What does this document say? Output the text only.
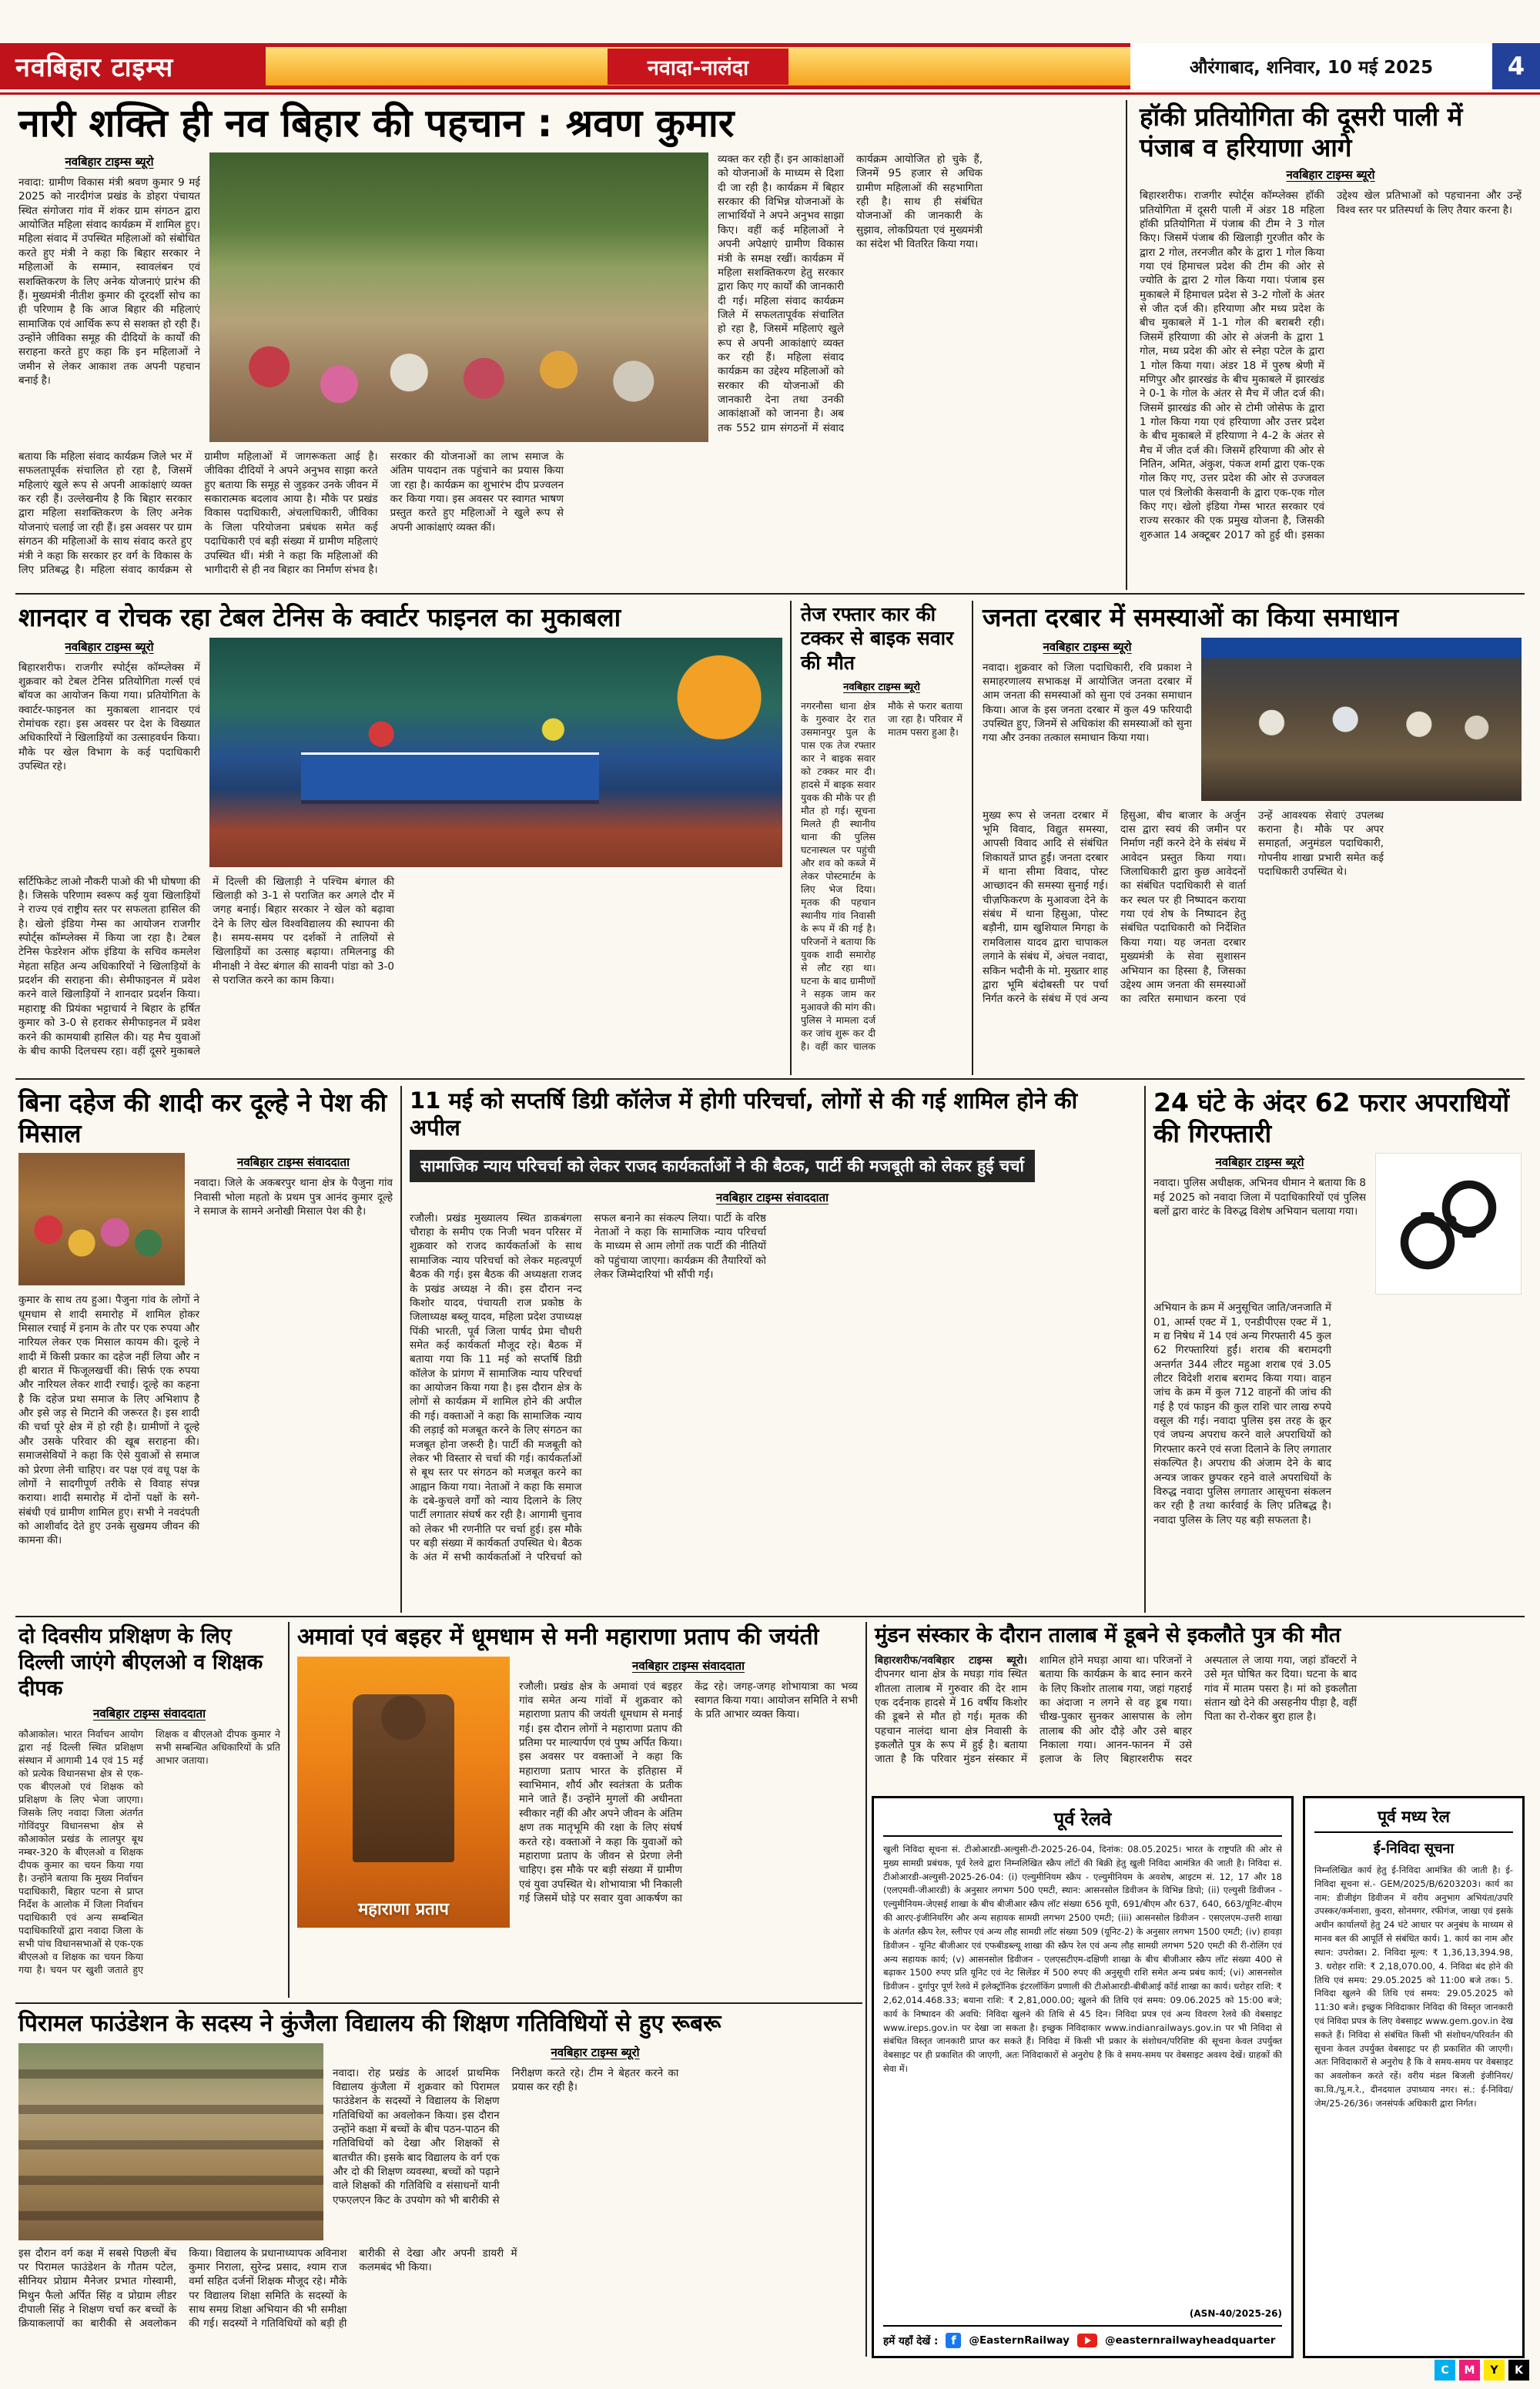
नवबिहार टाइम्स	नवादा-नालंदा	औरंगाबाद, शनिवार, 10 मई 2025	4
नारी शक्ति ही नव बिहार की पहचान : श्रवण कुमार
नवबिहार टाइम्स ब्यूरो
नवादा: ग्रामीण विकास मंत्री श्रवण कुमार 9 मई 2025 को नारदीगंज प्रखंड के डोहरा पंचायत स्थित संगोजरा गांव में शंकर ग्राम संगठन द्वारा आयोजित महिला संवाद कार्यक्रम में शामिल हुए। महिला संवाद में उपस्थित महिलाओं को संबोधित करते हुए मंत्री ने कहा कि बिहार सरकार ने महिलाओं के सम्मान, स्वावलंबन एवं सशक्तिकरण के लिए अनेक योजनाएं प्रारंभ की हैं। मुख्यमंत्री नीतीश कुमार की दूरदर्शी सोच का ही परिणाम है कि आज बिहार की महिलाएं सामाजिक एवं आर्थिक रूप से सशक्त हो रही हैं। उन्होंने जीविका समूह की दीदियों के कार्यों की सराहना करते हुए कहा कि इन महिलाओं ने जमीन से लेकर आकाश तक अपनी पहचान बनाई है।
व्यक्त कर रही हैं। इन आकांक्षाओं को योजनाओं के माध्यम से दिशा दी जा रही है। कार्यक्रम में बिहार सरकार की विभिन्न योजनाओं के लाभार्थियों ने अपने अनुभव साझा किए। वहीं कई महिलाओं ने अपनी अपेक्षाएं ग्रामीण विकास मंत्री के समक्ष रखीं। कार्यक्रम में महिला सशक्तिकरण हेतु सरकार द्वारा किए गए कार्यों की जानकारी दी गई। महिला संवाद कार्यक्रम जिले में सफलतापूर्वक संचालित हो रहा है, जिसमें महिलाएं खुले रूप से अपनी आकांक्षाएं व्यक्त कर रही हैं। महिला संवाद कार्यक्रम का उद्देश्य महिलाओं को सरकार की योजनाओं की जानकारी देना तथा उनकी आकांक्षाओं को जानना है। अब तक 552 ग्राम संगठनों में संवाद कार्यक्रम आयोजित हो चुके हैं, जिनमें 95 हजार से अधिक ग्रामीण महिलाओं की सहभागिता रही है। साथ ही संबंधित योजनाओं की जानकारी के सुझाव, लोकप्रियता एवं मुख्यमंत्री का संदेश भी वितरित किया गया।
बताया कि महिला संवाद कार्यक्रम जिले भर में सफलतापूर्वक संचालित हो रहा है, जिसमें महिलाएं खुले रूप से अपनी आकांक्षाएं व्यक्त कर रही हैं। उल्लेखनीय है कि बिहार सरकार द्वारा महिला सशक्तिकरण के लिए अनेक योजनाएं चलाई जा रही हैं। इस अवसर पर ग्राम संगठन की महिलाओं के साथ संवाद करते हुए मंत्री ने कहा कि सरकार हर वर्ग के विकास के लिए प्रतिबद्ध है। महिला संवाद कार्यक्रम से ग्रामीण महिलाओं में जागरूकता आई है। जीविका दीदियों ने अपने अनुभव साझा करते हुए बताया कि समूह से जुड़कर उनके जीवन में सकारात्मक बदलाव आया है। मौके पर प्रखंड विकास पदाधिकारी, अंचलाधिकारी, जीविका के जिला परियोजना प्रबंधक समेत कई पदाधिकारी एवं बड़ी संख्या में ग्रामीण महिलाएं उपस्थित थीं। मंत्री ने कहा कि महिलाओं की भागीदारी से ही नव बिहार का निर्माण संभव है। सरकार की योजनाओं का लाभ समाज के अंतिम पायदान तक पहुंचाने का प्रयास किया जा रहा है। कार्यक्रम का शुभारंभ दीप प्रज्वलन कर किया गया। इस अवसर पर स्वागत भाषण प्रस्तुत करते हुए महिलाओं ने खुले रूप से अपनी आकांक्षाएं व्यक्त कीं।
हॉकी प्रतियोगिता की दूसरी पाली में पंजाब व हरियाणा आगे
नवबिहार टाइम्स ब्यूरो
बिहारशरीफ। राजगीर स्पोर्ट्स कॉम्प्लेक्स हॉकी प्रतियोगिता में दूसरी पाली में अंडर 18 महिला हॉकी प्रतियोगिता में पंजाब की टीम ने 3 गोल किए। जिसमें पंजाब की खिलाड़ी गुरजीत कौर के द्वारा 2 गोल, तरनजीत कौर के द्वारा 1 गोल किया गया एवं हिमाचल प्रदेश की टीम की ओर से ज्योति के द्वारा 2 गोल किया गया। पंजाब इस मुकाबले में हिमाचल प्रदेश से 3-2 गोलों के अंतर से जीत दर्ज की। हरियाणा और मध्य प्रदेश के बीच मुकाबले में 1-1 गोल की बराबरी रही। जिसमें हरियाणा की ओर से अंजनी के द्वारा 1 गोल, मध्य प्रदेश की ओर से स्नेहा पटेल के द्वारा 1 गोल किया गया। अंडर 18 में पुरुष श्रेणी में मणिपुर और झारखंड के बीच मुकाबले में झारखंड ने 0-1 के गोल के अंतर से मैच में जीत दर्ज की। जिसमें झारखंड की ओर से टोमी जोसेफ के द्वारा 1 गोल किया गया एवं हरियाणा और उत्तर प्रदेश के बीच मुकाबले में हरियाणा ने 4-2 के अंतर से मैच में जीत दर्ज की। जिसमें हरियाणा की ओर से नितिन, अमित, अंकुश, पंकज शर्मा द्वारा एक-एक गोल किए गए, उत्तर प्रदेश की ओर से उज्जवल पाल एवं त्रिलोकी केसवानी के द्वारा एक-एक गोल किए गए। खेलो इंडिया गेम्स भारत सरकार एवं राज्य सरकार की एक प्रमुख योजना है, जिसकी शुरुआत 14 अक्टूबर 2017 को हुई थी। इसका उद्देश्य खेल प्रतिभाओं को पहचानना और उन्हें विश्व स्तर पर प्रतिस्पर्धा के लिए तैयार करना है।
शानदार व रोचक रहा टेबल टेनिस के क्वार्टर फाइनल का मुकाबला
नवबिहार टाइम्स ब्यूरो
बिहारशरीफ। राजगीर स्पोर्ट्स कॉम्प्लेक्स में शुक्रवार को टेबल टेनिस प्रतियोगिता गर्ल्स एवं बॉयज का आयोजन किया गया। प्रतियोगिता के क्वार्टर-फाइनल का मुकाबला शानदार एवं रोमांचक रहा। इस अवसर पर देश के विख्यात अधिकारियों ने खिलाड़ियों का उत्साहवर्धन किया। मौके पर खेल विभाग के कई पदाधिकारी उपस्थित रहे।
सर्टिफिकेट लाओ नौकरी पाओ की भी घोषणा की है। जिसके परिणाम स्वरूप कई युवा खिलाड़ियों ने राज्य एवं राष्ट्रीय स्तर पर सफलता हासिल की है। खेलो इंडिया गेम्स का आयोजन राजगीर स्पोर्ट्स कॉम्प्लेक्स में किया जा रहा है। टेबल टेनिस फेडरेशन ऑफ इंडिया के सचिव कमलेश मेहता सहित अन्य अधिकारियों ने खिलाड़ियों के प्रदर्शन की सराहना की। सेमीफाइनल में प्रवेश करने वाले खिलाड़ियों ने शानदार प्रदर्शन किया। महाराष्ट्र की प्रियंका भट्टाचार्य ने बिहार के हर्षित कुमार को 3-0 से हराकर सेमीफाइनल में प्रवेश करने की कामयाबी हासिल की। यह मैच युवाओं के बीच काफी दिलचस्प रहा। वहीं दूसरे मुकाबले में दिल्ली की खिलाड़ी ने पश्चिम बंगाल की खिलाड़ी को 3-1 से पराजित कर अगले दौर में जगह बनाई। बिहार सरकार ने खेल को बढ़ावा देने के लिए खेल विश्वविद्यालय की स्थापना की है। समय-समय पर दर्शकों ने तालियों से खिलाड़ियों का उत्साह बढ़ाया। तमिलनाडु की मीनाक्षी ने वेस्ट बंगाल की सावनी पांडा को 3-0 से पराजित करने का काम किया।
तेज रफ्तार कार की टक्कर से बाइक सवार की मौत
नवबिहार टाइम्स ब्यूरो
नगरनौसा थाना क्षेत्र के गुरुवार देर रात उसमानपुर पुल के पास एक तेज रफ्तार कार ने बाइक सवार को टक्कर मार दी। हादसे में बाइक सवार युवक की मौके पर ही मौत हो गई। सूचना मिलते ही स्थानीय थाना की पुलिस घटनास्थल पर पहुंची और शव को कब्जे में लेकर पोस्टमार्टम के लिए भेज दिया। मृतक की पहचान स्थानीय गांव निवासी के रूप में की गई है। परिजनों ने बताया कि युवक शादी समारोह से लौट रहा था। घटना के बाद ग्रामीणों ने सड़क जाम कर मुआवजे की मांग की। पुलिस ने मामला दर्ज कर जांच शुरू कर दी है। वहीं कार चालक मौके से फरार बताया जा रहा है। परिवार में मातम पसरा हुआ है।
जनता दरबार में समस्याओं का किया समाधान
नवबिहार टाइम्स ब्यूरो
नवादा। शुक्रवार को जिला पदाधिकारी, रवि प्रकाश ने समाहरणालय सभाकक्ष में आयोजित जनता दरबार में आम जनता की समस्याओं को सुना एवं उनका समाधान किया। आज के इस जनता दरबार में कुल 49 फरियादी उपस्थित हुए, जिनमें से अधिकांश की समस्याओं को सुना गया और उनका तत्काल समाधान किया गया।
मुख्य रूप से जनता दरबार में भूमि विवाद, विद्युत समस्या, आपसी विवाद आदि से संबंधित शिकायतें प्राप्त हुईं। जनता दरबार में थाना सीमा विवाद, पोस्ट आच्छादन की समस्या सुनाई गई। चीज़फिकरण के मुआवजा देने के संबंध में थाना हिसुआ, पोस्ट बड़ौनी, ग्राम खुशियाल मिगहा के रामविलास यादव द्वारा चापाकल लगाने के संबंध में, अंचल नवादा, सकिन भदौनी के मो. मुख्तार शाह द्वारा भूमि बंदोबस्ती पर पर्चा निर्गत करने के संबंध में एवं अन्य हिसुआ, बीच बाजार के अर्जुन दास द्वारा स्वयं की जमीन पर निर्माण नहीं करने देने के संबंध में आवेदन प्रस्तुत किया गया। जिलाधिकारी द्वारा कुछ आवेदनों का संबंधित पदाधिकारी से वार्ता कर स्थल पर ही निष्पादन कराया गया एवं शेष के निष्पादन हेतु संबंधित पदाधिकारी को निर्देशित किया गया। यह जनता दरबार मुख्यमंत्री के सेवा सुशासन अभियान का हिस्सा है, जिसका उद्देश्य आम जनता की समस्याओं का त्वरित समाधान करना एवं उन्हें आवश्यक सेवाएं उपलब्ध कराना है। मौके पर अपर समाहर्ता, अनुमंडल पदाधिकारी, गोपनीय शाखा प्रभारी समेत कई पदाधिकारी उपस्थित थे।
बिना दहेज की शादी कर दूल्हे ने पेश की मिसाल
नवबिहार टाइम्स संवाददाता
नवादा। जिले के अकबरपुर थाना क्षेत्र के पैजुना गांव निवासी भोला महतो के प्रथम पुत्र आनंद कुमार दूल्हे ने समाज के सामने अनोखी मिसाल पेश की है।
कुमार के साथ तय हुआ। पैजुना गांव के लोगों ने धूमधाम से शादी समारोह में शामिल होकर मिसाल रचाई में इनाम के तौर पर एक रुपया और नारियल लेकर एक मिसाल कायम की। दूल्हे ने शादी में किसी प्रकार का दहेज नहीं लिया और न ही बारात में फिजूलखर्ची की। सिर्फ एक रुपया और नारियल लेकर शादी रचाई। दूल्हे का कहना है कि दहेज प्रथा समाज के लिए अभिशाप है और इसे जड़ से मिटाने की जरूरत है। इस शादी की चर्चा पूरे क्षेत्र में हो रही है। ग्रामीणों ने दूल्हे और उसके परिवार की खूब सराहना की। समाजसेवियों ने कहा कि ऐसे युवाओं से समाज को प्रेरणा लेनी चाहिए। वर पक्ष एवं वधू पक्ष के लोगों ने सादगीपूर्ण तरीके से विवाह संपन्न कराया। शादी समारोह में दोनों पक्षों के सगे-संबंधी एवं ग्रामीण शामिल हुए। सभी ने नवदंपती को आशीर्वाद देते हुए उनके सुखमय जीवन की कामना की।
11 मई को सप्तर्षि डिग्री कॉलेज में होगी परिचर्चा, लोगों से की गई शामिल होने की अपील
सामाजिक न्याय परिचर्चा को लेकर राजद कार्यकर्ताओं ने की बैठक, पार्टी की मजबूती को लेकर हुई चर्चा
नवबिहार टाइम्स संवाददाता
रजौली। प्रखंड मुख्यालय स्थित डाकबंगला चौराहा के समीप एक निजी भवन परिसर में शुक्रवार को राजद कार्यकर्ताओं के साथ सामाजिक न्याय परिचर्चा को लेकर महत्वपूर्ण बैठक की गई। इस बैठक की अध्यक्षता राजद के प्रखंड अध्यक्ष ने की। इस दौरान नन्द किशोर यादव, पंचायती राज प्रकोष्ठ के जिलाध्यक्ष बब्लू यादव, महिला प्रदेश उपाध्यक्ष पिंकी भारती, पूर्व जिला पार्षद प्रेमा चौधरी समेत कई कार्यकर्ता मौजूद रहे। बैठक में बताया गया कि 11 मई को सप्तर्षि डिग्री कॉलेज के प्रांगण में सामाजिक न्याय परिचर्चा का आयोजन किया गया है। इस दौरान क्षेत्र के लोगों से कार्यक्रम में शामिल होने की अपील की गई। वक्ताओं ने कहा कि सामाजिक न्याय की लड़ाई को मजबूत करने के लिए संगठन का मजबूत होना जरूरी है। पार्टी की मजबूती को लेकर भी विस्तार से चर्चा की गई। कार्यकर्ताओं से बूथ स्तर पर संगठन को मजबूत करने का आह्वान किया गया। नेताओं ने कहा कि समाज के दबे-कुचले वर्गों को न्याय दिलाने के लिए पार्टी लगातार संघर्ष कर रही है। आगामी चुनाव को लेकर भी रणनीति पर चर्चा हुई। इस मौके पर बड़ी संख्या में कार्यकर्ता उपस्थित थे। बैठक के अंत में सभी कार्यकर्ताओं ने परिचर्चा को सफल बनाने का संकल्प लिया। पार्टी के वरिष्ठ नेताओं ने कहा कि सामाजिक न्याय परिचर्चा के माध्यम से आम लोगों तक पार्टी की नीतियों को पहुंचाया जाएगा। कार्यक्रम की तैयारियों को लेकर जिम्मेदारियां भी सौंपी गईं।
24 घंटे के अंदर 62 फरार अपराधियों की गिरफ्तारी
नवबिहार टाइम्स ब्यूरो
नवादा। पुलिस अधीक्षक, अभिनव धीमान ने बताया कि 8 मई 2025 को नवादा जिला में पदाधिकारियों एवं पुलिस बलों द्वारा वारंट के विरुद्ध विशेष अभियान चलाया गया।
अभियान के क्रम में अनुसूचित जाति/जनजाति में 01, आर्म्स एक्ट में 1, एनडीपीएस एक्ट में 1, म द्य निषेध में 14 एवं अन्य गिरफ्तारी 45 कुल 62 गिरफ्तारियां हुईं। शराब की बरामदगी अन्तर्गत 344 लीटर महुआ शराब एवं 3.05 लीटर विदेशी शराब बरामद किया गया। वाहन जांच के क्रम में कुल 712 वाहनों की जांच की गई है एवं फाइन की कुल राशि चार लाख रुपये वसूल की गई। नवादा पुलिस इस तरह के क्रूर एवं जघन्य अपराध करने वाले अपराधियों को गिरफ्तार करने एवं सजा दिलाने के लिए लगातार संकल्पित है। अपराध की अंजाम देने के बाद अन्यत्र जाकर छुपकर रहने वाले अपराधियों के विरुद्ध नवादा पुलिस लगातार आसूचना संकलन कर रही है तथा कार्रवाई के लिए प्रतिबद्ध है। नवादा पुलिस के लिए यह बड़ी सफलता है।
दो दिवसीय प्रशिक्षण के लिए दिल्ली जाएंगे बीएलओ व शिक्षक दीपक
नवबिहार टाइम्स संवाददाता
कौआकोल। भारत निर्वाचन आयोग द्वारा नई दिल्ली स्थित प्रशिक्षण संस्थान में आगामी 14 एवं 15 मई को प्रत्येक विधानसभा क्षेत्र से एक-एक बीएलओ एवं शिक्षक को प्रशिक्षण के लिए भेजा जाएगा। जिसके लिए नवादा जिला अंतर्गत गोविंदपुर विधानसभा क्षेत्र से कौआकोल प्रखंड के लालपुर बूथ नम्बर-320 के बीएलओ व शिक्षक दीपक कुमार का चयन किया गया है। उन्होंने बताया कि मुख्य निर्वाचन पदाधिकारी, बिहार पटना से प्राप्त निर्देश के आलोक में जिला निर्वाचन पदाधिकारी एवं अन्य सम्बन्धित पदाधिकारियों द्वारा नवादा जिला के सभी पांच विधानसभाओं से एक-एक बीएलओ व शिक्षक का चयन किया गया है। चयन पर खुशी जताते हुए शिक्षक व बीएलओ दीपक कुमार ने सभी सम्बन्धित अधिकारियों के प्रति आभार जताया।
अमावां एवं बइहर में धूमधाम से मनी महाराणा प्रताप की जयंती
महाराणा प्रताप
नवबिहार टाइम्स संवाददाता
रजौली। प्रखंड क्षेत्र के अमावां एवं बइहर गांव समेत अन्य गांवों में शुक्रवार को महाराणा प्रताप की जयंती धूमधाम से मनाई गई। इस दौरान लोगों ने महाराणा प्रताप की प्रतिमा पर माल्यार्पण एवं पुष्प अर्पित किया। इस अवसर पर वक्ताओं ने कहा कि महाराणा प्रताप भारत के इतिहास में स्वाभिमान, शौर्य और स्वतंत्रता के प्रतीक माने जाते हैं। उन्होंने मुगलों की अधीनता स्वीकार नहीं की और अपने जीवन के अंतिम क्षण तक मातृभूमि की रक्षा के लिए संघर्ष करते रहे। वक्ताओं ने कहा कि युवाओं को महाराणा प्रताप के जीवन से प्रेरणा लेनी चाहिए। इस मौके पर बड़ी संख्या में ग्रामीण एवं युवा उपस्थित थे। शोभायात्रा भी निकाली गई जिसमें घोड़े पर सवार युवा आकर्षण का केंद्र रहे। जगह-जगह शोभायात्रा का भव्य स्वागत किया गया। आयोजन समिति ने सभी के प्रति आभार व्यक्त किया।
मुंडन संस्कार के दौरान तालाब में डूबने से इकलौते पुत्र की मौत

बिहारशरीफ/नवबिहार टाइम्स ब्यूरो। दीपनगर थाना क्षेत्र के मघड़ा गांव स्थित शीतला तालाब में गुरुवार की देर शाम एक दर्दनाक हादसे में 16 वर्षीय किशोर की डूबने से मौत हो गई। मृतक की पहचान नालंदा थाना क्षेत्र निवासी के इकलौते पुत्र के रूप में हुई है। बताया जाता है कि परिवार मुंडन संस्कार में शामिल होने मघड़ा आया था। परिजनों ने बताया कि कार्यक्रम के बाद स्नान करने के लिए किशोर तालाब गया, जहां गहराई का अंदाजा न लगने से वह डूब गया। चीख-पुकार सुनकर आसपास के लोग तालाब की ओर दौड़े और उसे बाहर निकाला गया। आनन-फानन में उसे इलाज के लिए बिहारशरीफ सदर अस्पताल ले जाया गया, जहां डॉक्टरों ने उसे मृत घोषित कर दिया। घटना के बाद गांव में मातम पसरा है। मां को इकलौता संतान खो देने की असहनीय पीड़ा है, वहीं पिता का रो-रोकर बुरा हाल है।

पूर्व रेलवे
खुली निविदा सूचना सं. टीओआरडी-अल्युसी-टी-2025-26-04, दिनांक: 08.05.2025। भारत के राष्ट्रपति की ओर से मुख्य सामग्री प्रबंधक, पूर्व रेलवे द्वारा निम्नलिखित स्क्रैप लॉटों की बिक्री हेतु खुली निविदा आमंत्रित की जाती है। निविदा सं. टीओआरडी-अल्युसी-2025-26-04: (i) एल्युमीनियम स्क्रैप - एल्युमीनियम के अवशेष, आइटम सं. 12, 17 और 18 (एलएमवी-जीआरडी) के अनुसार लगभग 500 एमटी, स्थान: आसनसोल डिवीजन के विभिन्न डिपो; (ii) एल्युसी डिवीजन - एल्युमीनियम-जेएसई शाखा के बीच बीजीआर स्क्रैप लॉट संख्या 656 यूपी, 691/बीएम और 637, 640, 663/यूनिट-बीएम की आरए-इंजीनियरिंग और अन्य सहायक सामग्री लगभग 2500 एमटी; (iii) आसनसोल डिवीजन - एसएलएम-उत्तरी शाखा के अंतर्गत स्क्रैप रेल, स्लीपर एवं अन्य लौह सामग्री लॉट संख्या 509 (यूनिट-2) के अनुसार लगभग 1500 एमटी; (iv) हावड़ा डिवीजन - यूनिट बीजीआर एवं एफबीडब्ल्यू शाखा की स्क्रैप रेल एवं अन्य लौह सामग्री लगभग 520 एमटी की री-रोलिंग एवं अन्य सहायक कार्य; (v) आसनसोल डिवीजन - एलएसटीएम-दक्षिणी शाखा के बीच बीजीआर स्क्रैप लॉट संख्या 400 से बढ़ाकर 1500 रुपए प्रति यूनिट एवं नेट सिलेंडर में 500 रुपए की अनुसूची राशि समेत अन्य प्रबंध कार्य; (vi) आसनसोल डिवीजन - दुर्गापुर पूर्ण रेलवे में इलेक्ट्रॉनिक इंटरलॉकिंग प्रणाली की टीओआरडी-बीबीआई कॉर्ड शाखा का कार्य। धरोहर राशि: ₹ 2,62,014.468.33; बयाना राशि: ₹ 2,81,000.00; खुलने की तिथि एवं समय: 09.06.2025 को 15:00 बजे; कार्य के निष्पादन की अवधि: निविदा खुलने की तिथि से 45 दिन। निविदा प्रपत्र एवं अन्य विवरण रेलवे की वेबसाइट www.ireps.gov.in पर देखा जा सकता है। इच्छुक निविदाकार www.indianrailways.gov.in पर भी निविदा से संबंधित विस्तृत जानकारी प्राप्त कर सकते हैं। निविदा में किसी भी प्रकार के संशोधन/परिशिष्ट की सूचना केवल उपर्युक्त वेबसाइट पर ही प्रकाशित की जाएगी, अतः निविदाकारों से अनुरोध है कि वे समय-समय पर वेबसाइट अवश्य देखें। ग्राहकों की सेवा में।
(ASN-40/2025-26)
हमें यहाँ देखें : f	@EasternRailway	@easternrailwayheadquarter
पूर्व मध्य रेल
ई-निविदा सूचना
निम्नलिखित कार्य हेतु ई-निविदा आमंत्रित की जाती है। ई-निविदा सूचना सं.- GEM/2025/B/6203203। कार्य का नाम: डीजीइंग डिवीजन में वरीय अनुभाग अभियंता/उपरि उपस्कर/कर्मनाशा, कुदरा, सोनमगर, रफीगंज, जाखा एवं इसके अधीन कार्यालयों हेतु 24 घंटे आधार पर अनुबंध के माध्यम से मानव बल की आपूर्ति से संबंधित कार्य। 1. कार्य का नाम और स्थान: उपरोक्त। 2. निविदा मूल्य: ₹ 1,36,13,394.98, 3. धरोहर राशि: ₹ 2,18,070.00, 4. निविदा बंद होने की तिथि एवं समय: 29.05.2025 को 11:00 बजे तक। 5. निविदा खुलने की तिथि एवं समय: 29.05.2025 को 11:30 बजे। इच्छुक निविदाकार निविदा की विस्तृत जानकारी एवं निविदा प्रपत्र के लिए वेबसाइट www.gem.gov.in देख सकते हैं। निविदा से संबंधित किसी भी संशोधन/परिवर्तन की सूचना केवल उपर्युक्त वेबसाइट पर ही प्रकाशित की जाएगी। अतः निविदाकारों से अनुरोध है कि वे समय-समय पर वेबसाइट का अवलोकन करते रहें। वरीय मंडल बिजली इंजीनियर/का.वि./पू.म.रे., दीनदयाल उपाध्याय नगर। सं.: ई-निविदा/जेम/25-26/36। जनसंपर्क अधिकारी द्वारा निर्गत।
पिरामल फाउंडेशन के सदस्य ने कुंजैला विद्यालय की शिक्षण गतिविधियों से हुए रूबरू
नवबिहार टाइम्स ब्यूरो
नवादा। रोह प्रखंड के आदर्श प्राथमिक विद्यालय कुंजैला में शुक्रवार को पिरामल फाउंडेशन के सदस्यों ने विद्यालय के शिक्षण गतिविधियों का अवलोकन किया। इस दौरान उन्होंने कक्षा में बच्चों के बीच पठन-पाठन की गतिविधियों को देखा और शिक्षकों से बातचीत की। इसके बाद विद्यालय के वर्ग एक और दो की शिक्षण व्यवस्था, बच्चों को पढ़ाने वाले शिक्षकों की गतिविधि व संसाधनों यानी एफएलएन किट के उपयोग को भी बारीकी से निरीक्षण करते रहे। टीम ने बेहतर करने का प्रयास कर रही है।
इस दौरान वर्ग कक्ष में सबसे पिछली बेंच पर पिरामल फाउंडेशन के गौतम पटेल, सीनियर प्रोग्राम मैनेजर प्रभात गोस्वामी, मिथुन फैलो अर्पित सिंह व प्रोग्राम लीडर दीपाली सिंह ने शिक्षण चर्चा कर बच्चों के क्रियाकलापों का बारीकी से अवलोकन किया। विद्यालय के प्रधानाध्यापक अविनाश कुमार निराला, सुरेन्द्र प्रसाद, श्याम राज वर्मा सहित दर्जनों शिक्षक मौजूद रहे। मौके पर विद्यालय शिक्षा समिति के सदस्यों के साथ समग्र शिक्षा अभियान की भी समीक्षा की गई। सदस्यों ने गतिविधियों को बड़ी ही बारीकी से देखा और अपनी डायरी में कलमबंद भी किया।
C	M	Y	K
